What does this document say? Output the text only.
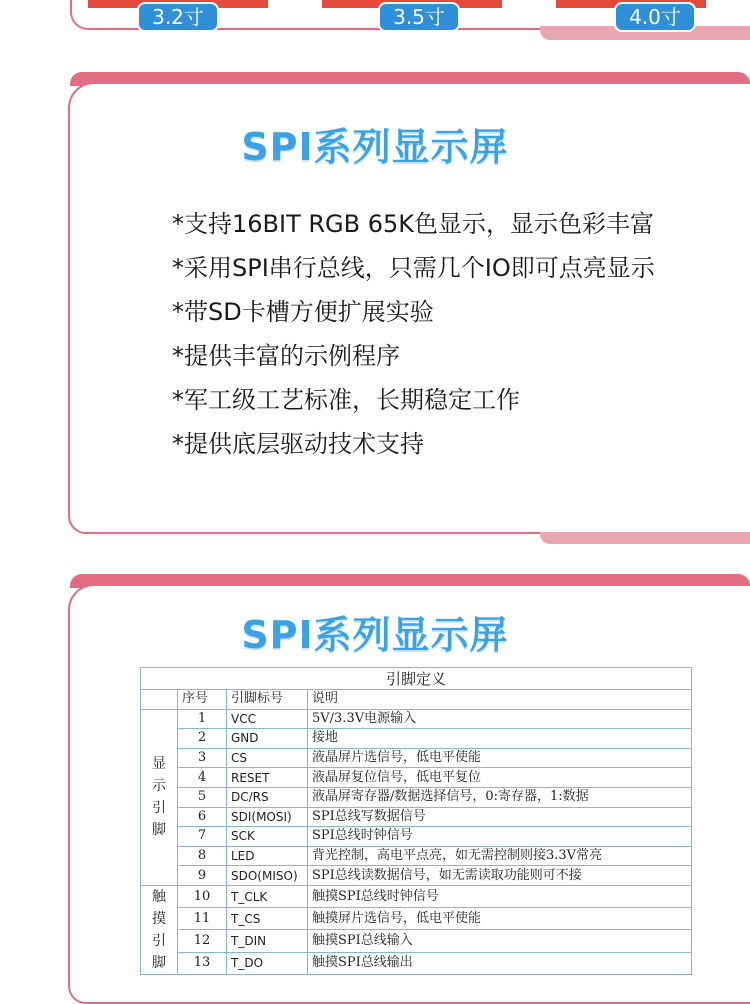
3.2寸	3.5寸	4.0寸
SPI系列显示屏
*支持16BIT RGB 65K色显示，显示色彩丰富
*采用SPI串行总线，只需几个IO即可点亮显示
*带SD卡槽方便扩展实验
*提供丰富的示例程序
*军工级工艺标准，长期稳定工作
*提供底层驱动技术支持
SPI系列显示屏
引脚定义			
	序号	引脚标号	说明
显
示
引
脚	1	VCC	5V/3.3V电源输入
	2	GND	接地
	3	CS	液晶屏片选信号，低电平使能
	4	RESET	液晶屏复位信号，低电平复位
	5	DC/RS	液晶屏寄存器/数据选择信号，0:寄存器，1:数据
	6	SDI(MOSI)	SPI总线写数据信号
	7	SCK	SPI总线时钟信号
	8	LED	背光控制，高电平点亮，如无需控制则接3.3V常亮
	9	SDO(MISO)	SPI总线读数据信号，如无需读取功能则可不接
触
摸
引
脚	10	T_CLK	触摸SPI总线时钟信号
	11	T_CS	触摸屏片选信号，低电平使能
	12	T_DIN	触摸SPI总线输入
	13	T_DO	触摸SPI总线输出
